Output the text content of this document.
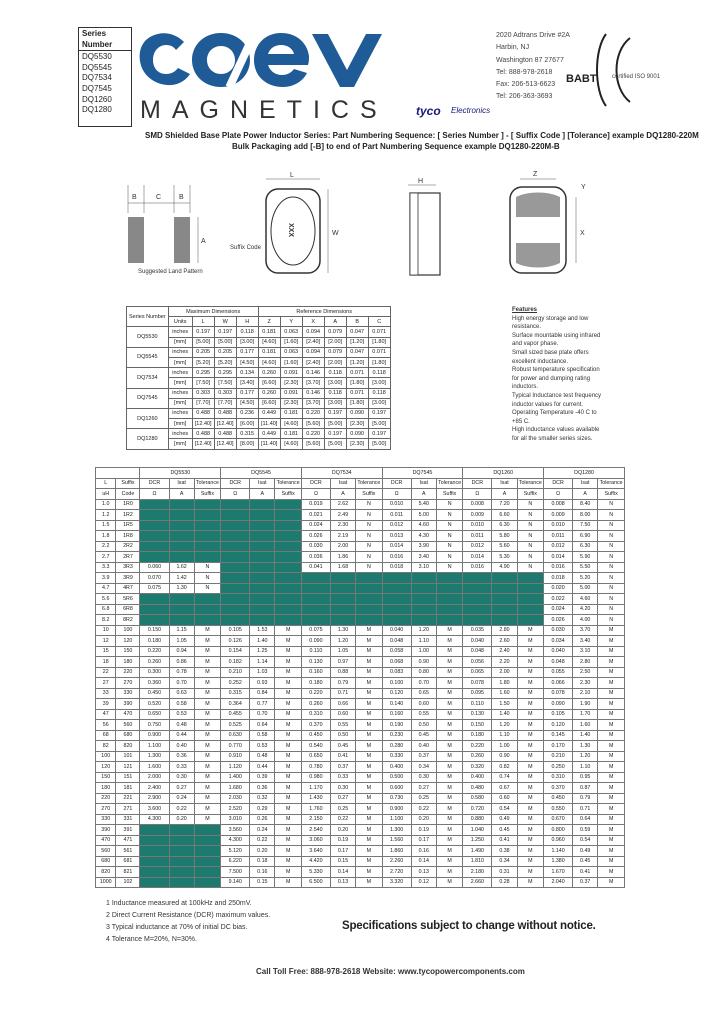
Series Number
DQ5530
DQ5545
DQ7534
DQ7545
DQ1260
DQ1280	MAGNETICS
2020 Adtrans Drive #2A
Harbin, NJ
Washington 87 27677
Tel: 888-978-2618
Fax: 206-513-6623
Tel: 206-363-3693
tyco Electronics
BABT	certified ISO 9001
SMD Shielded Base Plate Power Inductor Series: Part Numbering Sequence: [ Series Number ] - [ Suffix Code ] [Tolerance] example DQ1280-220M
Bulk Packaging add [-B] to end of Part Numbering Sequence example DQ1280-220M-B
B	C	B
A
Suggested Land Pattern
L
XXX	W
Suffix Code
H
Z
Y
X
Series Number	Maximum Dimensions				Reference Dimensions					
	Units	L	W	H	Z	Y	X	A	B	C
DQ5530	inches	0.197	0.197	0.118	0.181	0.063	0.094	0.079	0.047	0.071
	[mm]	[5.00]	[5.00]	[3.00]	[4.60]	[1.60]	[2.40]	[2.00]	[1.20]	[1.80]
DQ5545	inches	0.205	0.205	0.177	0.181	0.063	0.094	0.079	0.047	0.071
	[mm]	[5.20]	[5.20]	[4.50]	[4.60]	[1.60]	[2.40]	[2.00]	[1.20]	[1.80]
DQ7534	inches	0.295	0.295	0.134	0.260	0.091	0.146	0.118	0.071	0.118
	[mm]	[7.50]	[7.50]	[3.40]	[6.60]	[2.30]	[3.70]	[3.00]	[1.80]	[3.00]
DQ7545	inches	0.303	0.303	0.177	0.260	0.091	0.146	0.118	0.071	0.118
	[mm]	[7.70]	[7.70]	[4.50]	[6.60]	[2.30]	[3.70]	[3.00]	[1.80]	[3.00]
DQ1260	inches	0.488	0.488	0.236	0.449	0.181	0.220	0.197	0.090	0.197
	[mm]	[12.40]	[12.40]	[6.00]	[11.40]	[4.60]	[5.60]	[5.00]	[2.30]	[5.00]
DQ1280	inches	0.488	0.488	0.315	0.449	0.181	0.220	0.197	0.090	0.197
	[mm]	[12.40]	[12.40]	[8.00]	[11.40]	[4.60]	[5.60]	[5.00]	[2.30]	[5.00]
Features
High energy storage and low resistance.
Surface mountable using infrared and vapor phase.
Small sized base plate offers excellent inductance.
Robust temperature specification for power and dumping rating inductors.
Typical Inductance test frequency inductor values for current.
Operating Temperature -40 C to +85 C.
High inductance values available for all the smaller series sizes.
		DQ5530			DQ5545			DQ7534			DQ7545			DQ1260			DQ1280		
L	Suffix	DCR	Isat	Tolerance	DCR	Isat	Tolerance	DCR	Isat	Tolerance	DCR	Isat	Tolerance	DCR	Isat	Tolerance	DCR	Isat	Tolerance
uH	Code	Ω	A	Suffix	Ω	A	Suffix	Ω	A	Suffix	Ω	A	Suffix	Ω	A	Suffix	Ω	A	Suffix
1.0	1R0							0.019	2.62	N	0.010	5.40	N	0.008	7.20	N	0.008	8.40	N
1.2	1R2							0.021	2.49	N	0.011	5.00	N	0.009	6.60	N	0.009	8.00	N
1.5	1R5							0.024	2.30	N	0.012	4.60	N	0.010	6.30	N	0.010	7.50	N
1.8	1R8							0.026	2.19	N	0.013	4.30	N	0.011	5.80	N	0.011	6.90	N
2.2	2R2							0.030	2.00	N	0.014	3.90	N	0.012	5.60	N	0.012	6.30	N
2.7	2R7							0.036	1.86	N	0.016	3.40	N	0.014	5.30	N	0.014	5.90	N
3.3	3R3	0.060	1.62	N				0.041	1.68	N	0.018	3.10	N	0.016	4.90	N	0.016	5.50	N
3.9	3R9	0.070	1.42	N													0.018	5.20	N
4.7	4R7	0.075	1.30	N													0.020	5.00	N
5.6	5R6																0.022	4.60	N
6.8	6R8																0.024	4.20	N
8.2	8R2																0.026	4.00	N
10	100	0.150	1.15	M	0.105	1.53	M	0.075	1.30	M	0.040	1.20	M	0.035	2.80	M	0.030	3.70	M
12	120	0.180	1.05	M	0.126	1.40	M	0.090	1.20	M	0.048	1.10	M	0.040	2.60	M	0.034	3.40	M
15	150	0.220	0.94	M	0.154	1.25	M	0.110	1.05	M	0.058	1.00	M	0.048	2.40	M	0.040	3.10	M
18	180	0.260	0.86	M	0.182	1.14	M	0.130	0.97	M	0.068	0.90	M	0.056	2.20	M	0.048	2.80	M
22	220	0.300	0.78	M	0.210	1.03	M	0.160	0.88	M	0.083	0.80	M	0.065	2.00	M	0.055	2.50	M
27	270	0.360	0.70	M	0.252	0.93	M	0.180	0.79	M	0.100	0.70	M	0.078	1.80	M	0.066	2.30	M
33	330	0.450	0.63	M	0.315	0.84	M	0.220	0.71	M	0.120	0.65	M	0.095	1.60	M	0.078	2.10	M
39	390	0.520	0.58	M	0.364	0.77	M	0.260	0.66	M	0.140	0.60	M	0.110	1.50	M	0.090	1.90	M
47	470	0.650	0.53	M	0.455	0.70	M	0.310	0.60	M	0.160	0.55	M	0.130	1.40	M	0.105	1.70	M
56	560	0.750	0.48	M	0.525	0.64	M	0.370	0.55	M	0.190	0.50	M	0.150	1.20	M	0.120	1.60	M
68	680	0.900	0.44	M	0.630	0.58	M	0.450	0.50	M	0.230	0.45	M	0.180	1.10	M	0.145	1.40	M
82	820	1.100	0.40	M	0.770	0.53	M	0.540	0.45	M	0.280	0.40	M	0.220	1.00	M	0.170	1.30	M
100	101	1.300	0.36	M	0.910	0.48	M	0.650	0.41	M	0.330	0.37	M	0.260	0.90	M	0.210	1.20	M
120	121	1.600	0.33	M	1.120	0.44	M	0.780	0.37	M	0.400	0.34	M	0.320	0.82	M	0.250	1.10	M
150	151	2.000	0.30	M	1.400	0.39	M	0.980	0.33	M	0.500	0.30	M	0.400	0.74	M	0.310	0.95	M
180	181	2.400	0.27	M	1.680	0.36	M	1.170	0.30	M	0.600	0.27	M	0.480	0.67	M	0.370	0.87	M
220	221	2.900	0.24	M	2.030	0.32	M	1.430	0.27	M	0.730	0.25	M	0.580	0.60	M	0.450	0.79	M
270	271	3.600	0.22	M	2.520	0.29	M	1.760	0.25	M	0.900	0.22	M	0.720	0.54	M	0.550	0.71	M
330	331	4.300	0.20	M	3.010	0.26	M	2.150	0.22	M	1.100	0.20	M	0.880	0.49	M	0.670	0.64	M
390	391				3.560	0.24	M	2.540	0.20	M	1.300	0.19	M	1.040	0.45	M	0.800	0.59	M
470	471				4.300	0.22	M	3.060	0.19	M	1.560	0.17	M	1.250	0.41	M	0.960	0.54	M
560	561				5.120	0.20	M	3.640	0.17	M	1.860	0.16	M	1.490	0.38	M	1.140	0.49	M
680	681				6.220	0.18	M	4.420	0.15	M	2.260	0.14	M	1.810	0.34	M	1.380	0.45	M
820	821				7.500	0.16	M	5.330	0.14	M	2.720	0.13	M	2.180	0.31	M	1.670	0.41	M
1000	102				9.140	0.15	M	6.500	0.13	M	3.320	0.12	M	2.660	0.28	M	2.040	0.37	M
1 Inductance measured at 100kHz and 250mV.
2 Direct Current Resistance (DCR) maximum values.
3 Typical inductance at 70% of initial DC bias.
4 Tolerance M=20%, N=30%.
Specifications subject to change without notice.
Call Toll Free: 888-978-2618 Website: www.tycopowercomponents.com
